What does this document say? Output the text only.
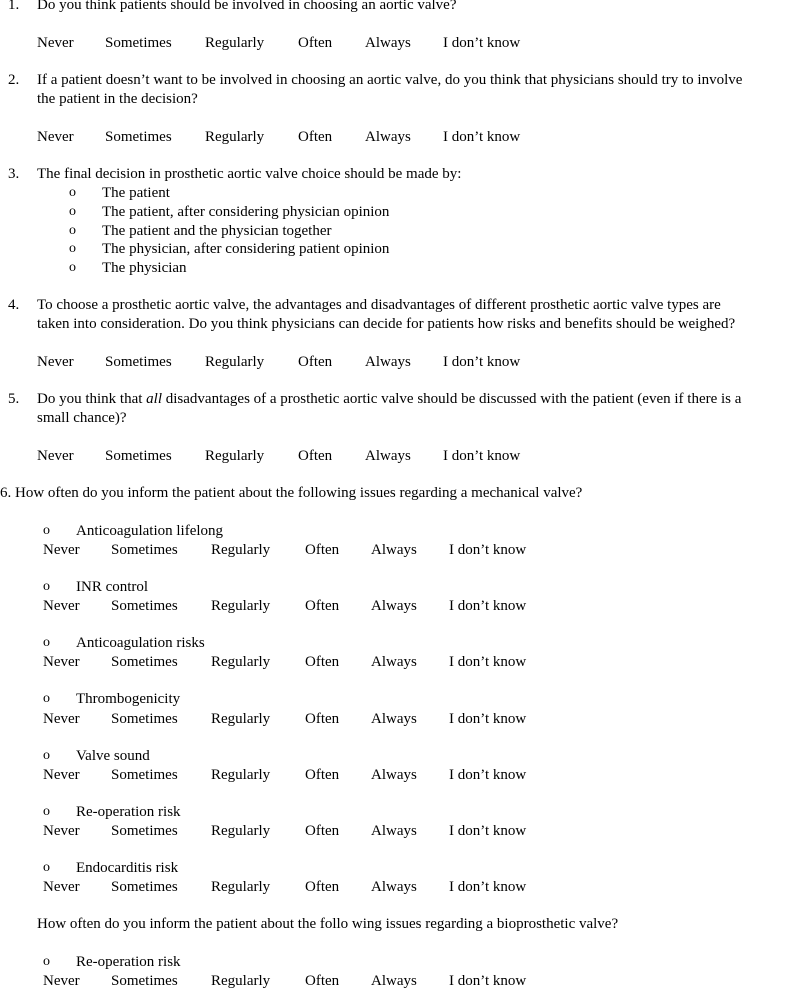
1. Do you think patients should be involved in choosing an aortic valve?
Never Sometimes Regularly Often Always I don’t know
2. If a patient doesn’t want to be involved in choosing an aortic valve, do you think that physicians should try to involve
the patient in the decision?
Never Sometimes Regularly Often Always I don’t know
3. The final decision in prosthetic aortic valve choice should be made by:
o The patient
o The patient, after considering physician opinion
o The patient and the physician together
o The physician, after considering patient opinion
o The physician
4. To choose a prosthetic aortic valve, the advantages and disadvantages of different prosthetic aortic valve types are
taken into consideration. Do you think physicians can decide for patients how risks and benefits should be weighed?
Never Sometimes Regularly Often Always I don’t know
5. Do you think that all disadvantages of a prosthetic aortic valve should be discussed with the patient (even if there is a
small chance)?
Never Sometimes Regularly Often Always I don’t know
6. How often do you inform the patient about the following issues regarding a mechanical valve?
o Anticoagulation lifelong
Never Sometimes Regularly Often Always I don’t know
o INR control
Never Sometimes Regularly Often Always I don’t know
o Anticoagulation risks
Never Sometimes Regularly Often Always I don’t know
o Thrombogenicity
Never Sometimes Regularly Often Always I don’t know
o Valve sound
Never Sometimes Regularly Often Always I don’t know
o Re-operation risk
Never Sometimes Regularly Often Always I don’t know
o Endocarditis risk
Never Sometimes Regularly Often Always I don’t know
How often do you inform the patient about the follo wing issues regarding a bioprosthetic valve?
o Re-operation risk
Never Sometimes Regularly Often Always I don’t know
